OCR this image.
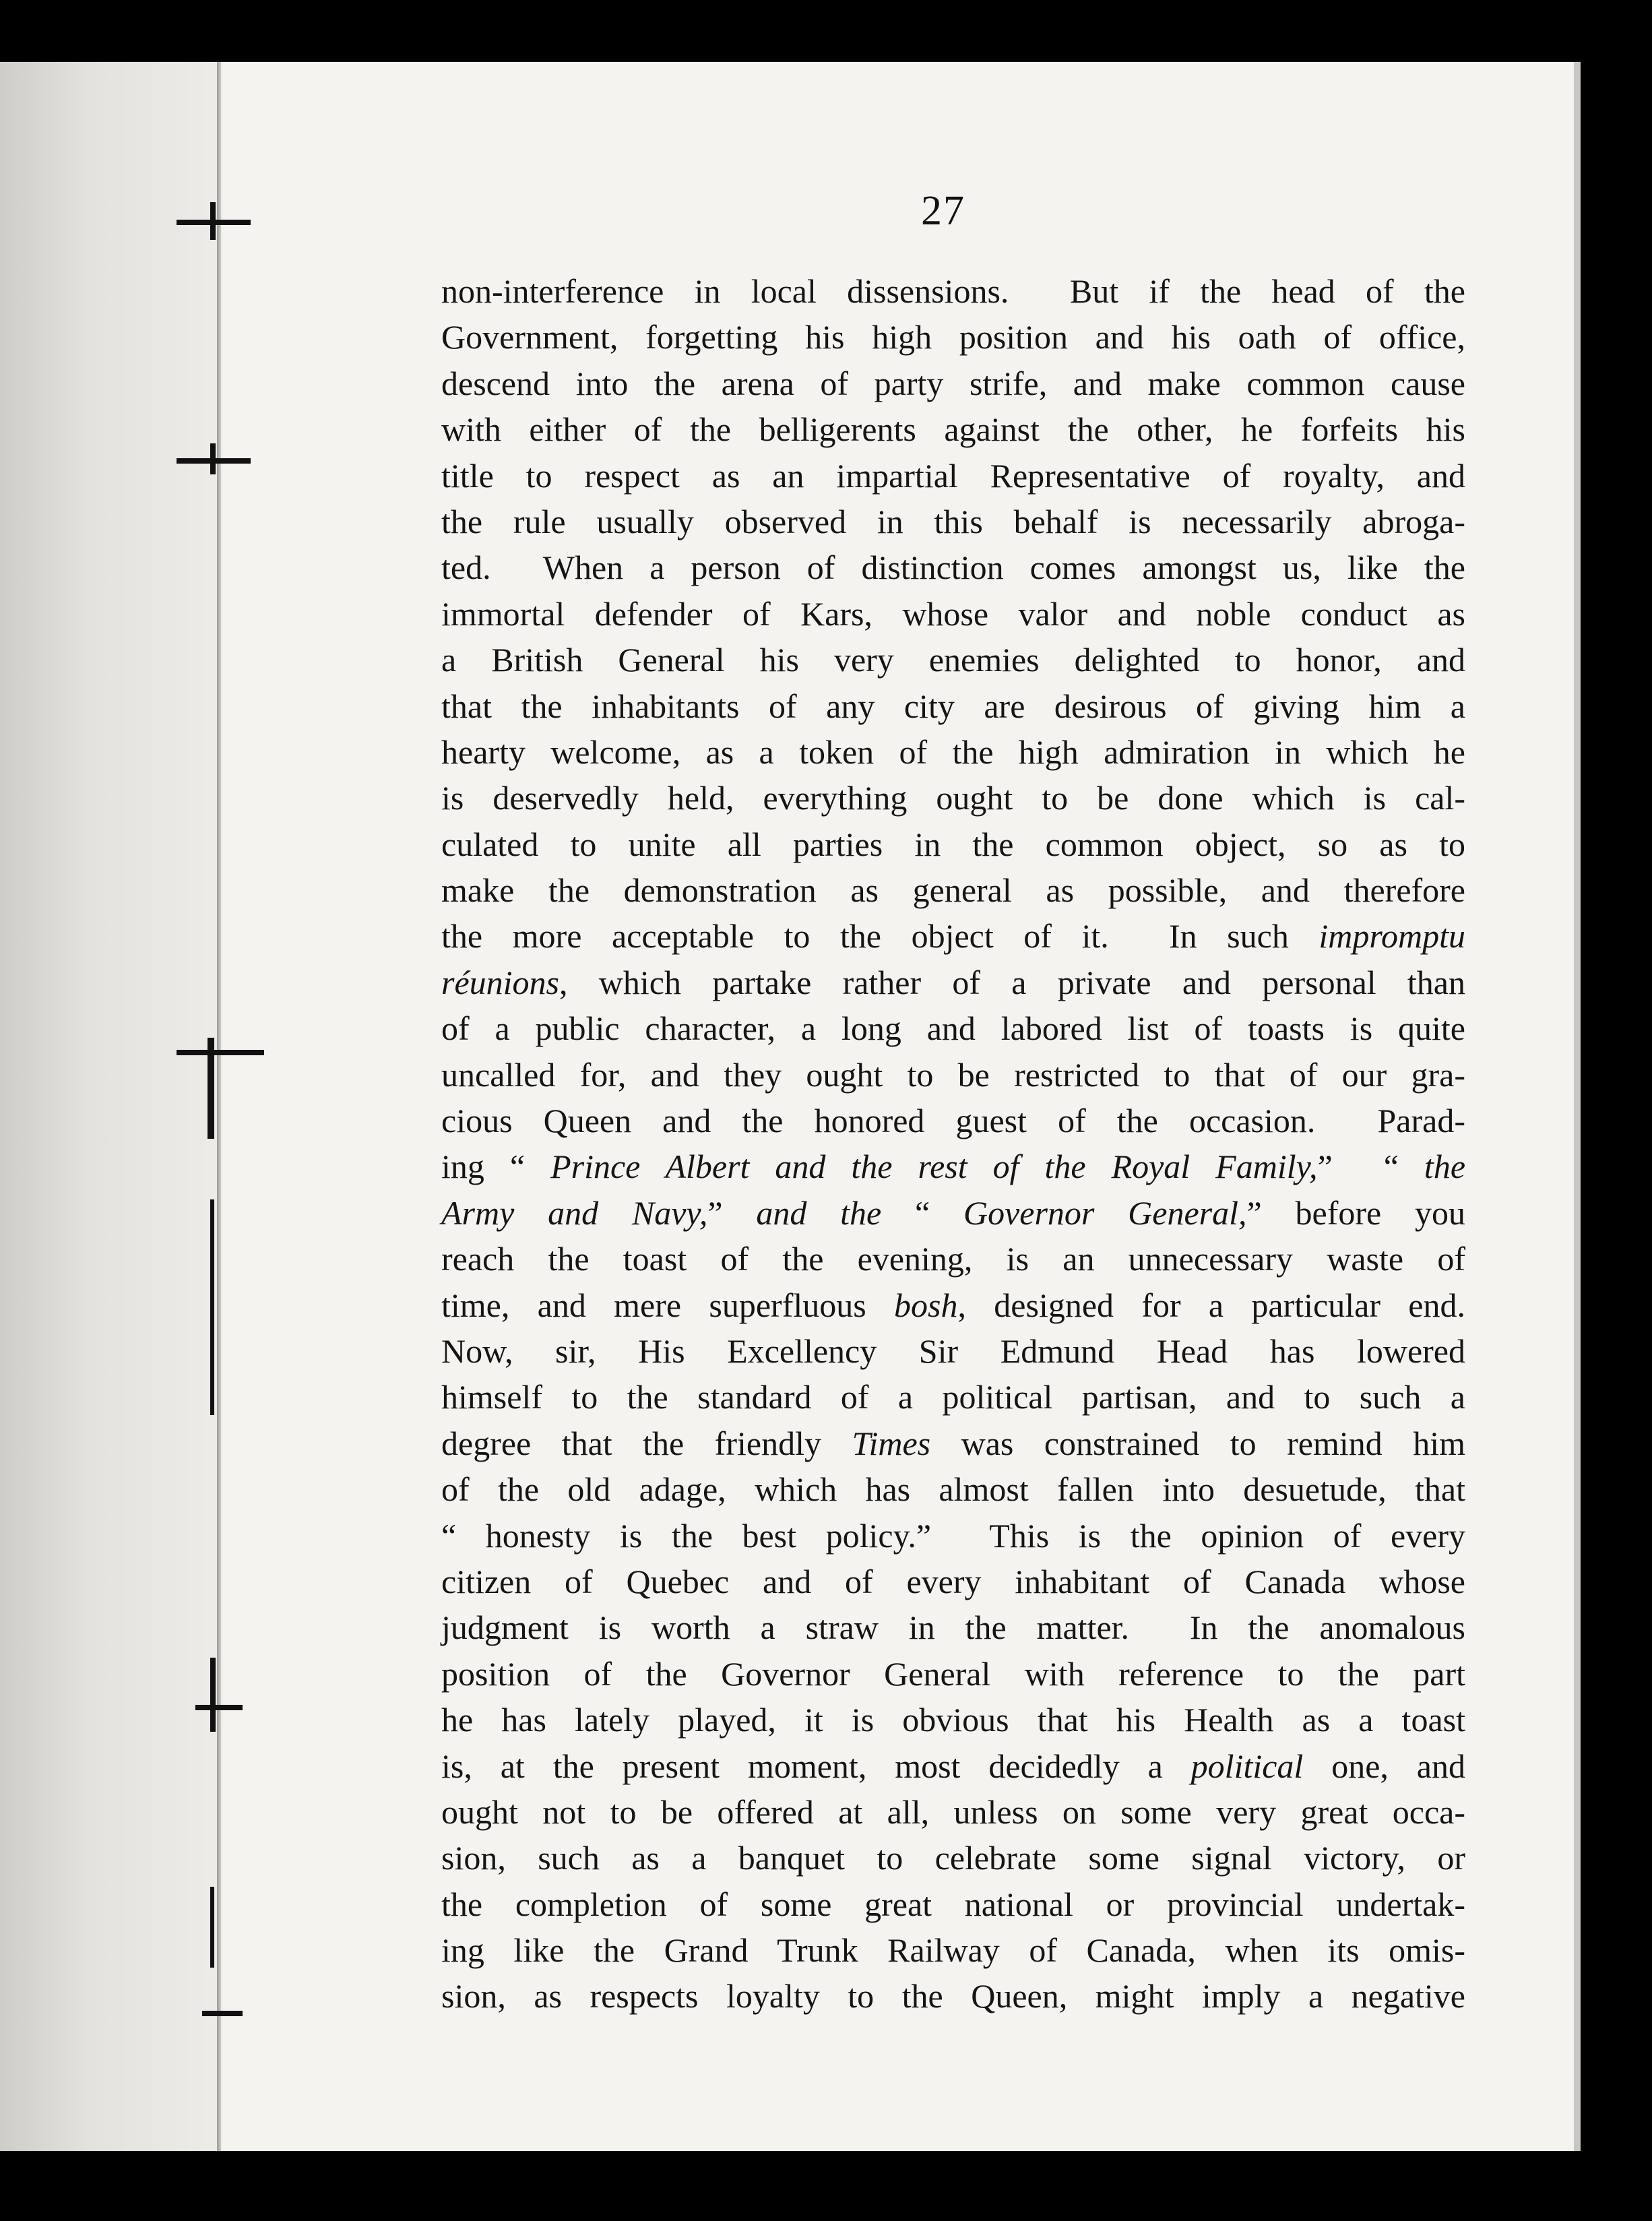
27
non-interference in local dissensions.  But if the head of the
Government, forgetting his high position and his oath of office,
descend into the arena of party strife, and make common cause
with either of the belligerents against the other, he forfeits his
title to respect as an impartial Representative of royalty, and
the rule usually observed in this behalf is necessarily abroga-
ted.  When a person of distinction comes amongst us, like the
immortal defender of Kars, whose valor and noble conduct as
a British General his very enemies delighted to honor, and
that the inhabitants of any city are desirous of giving him a
hearty welcome, as a token of the high admiration in which he
is deservedly held, everything ought to be done which is cal-
culated to unite all parties in the common object, so as to
make the demonstration as general as possible, and therefore
the more acceptable to the object of it.  In such impromptu
réunions, which partake rather of a private and personal than
of a public character, a long and labored list of toasts is quite
uncalled for, and they ought to be restricted to that of our gra-
cious Queen and the honored guest of the occasion.  Parad-
ing “ Prince Albert and the rest of the Royal Family,”  “ the
Army and Navy,” and the “ Governor General,” before you
reach the toast of the evening, is an unnecessary waste of
time, and mere superfluous bosh, designed for a particular end.
Now, sir, His Excellency Sir Edmund Head has lowered
himself to the standard of a political partisan, and to such a
degree that the friendly Times was constrained to remind him
of the old adage, which has almost fallen into desuetude, that
“ honesty is the best policy.”  This is the opinion of every
citizen of Quebec and of every inhabitant of Canada whose
judgment is worth a straw in the matter.  In the anomalous
position of the Governor General with reference to the part
he has lately played, it is obvious that his Health as a toast
is, at the present moment, most decidedly a political one, and
ought not to be offered at all, unless on some very great occa-
sion, such as a banquet to celebrate some signal victory, or
the completion of some great national or provincial undertak-
ing like the Grand Trunk Railway of Canada, when its omis-
sion, as respects loyalty to the Queen, might imply a negative
